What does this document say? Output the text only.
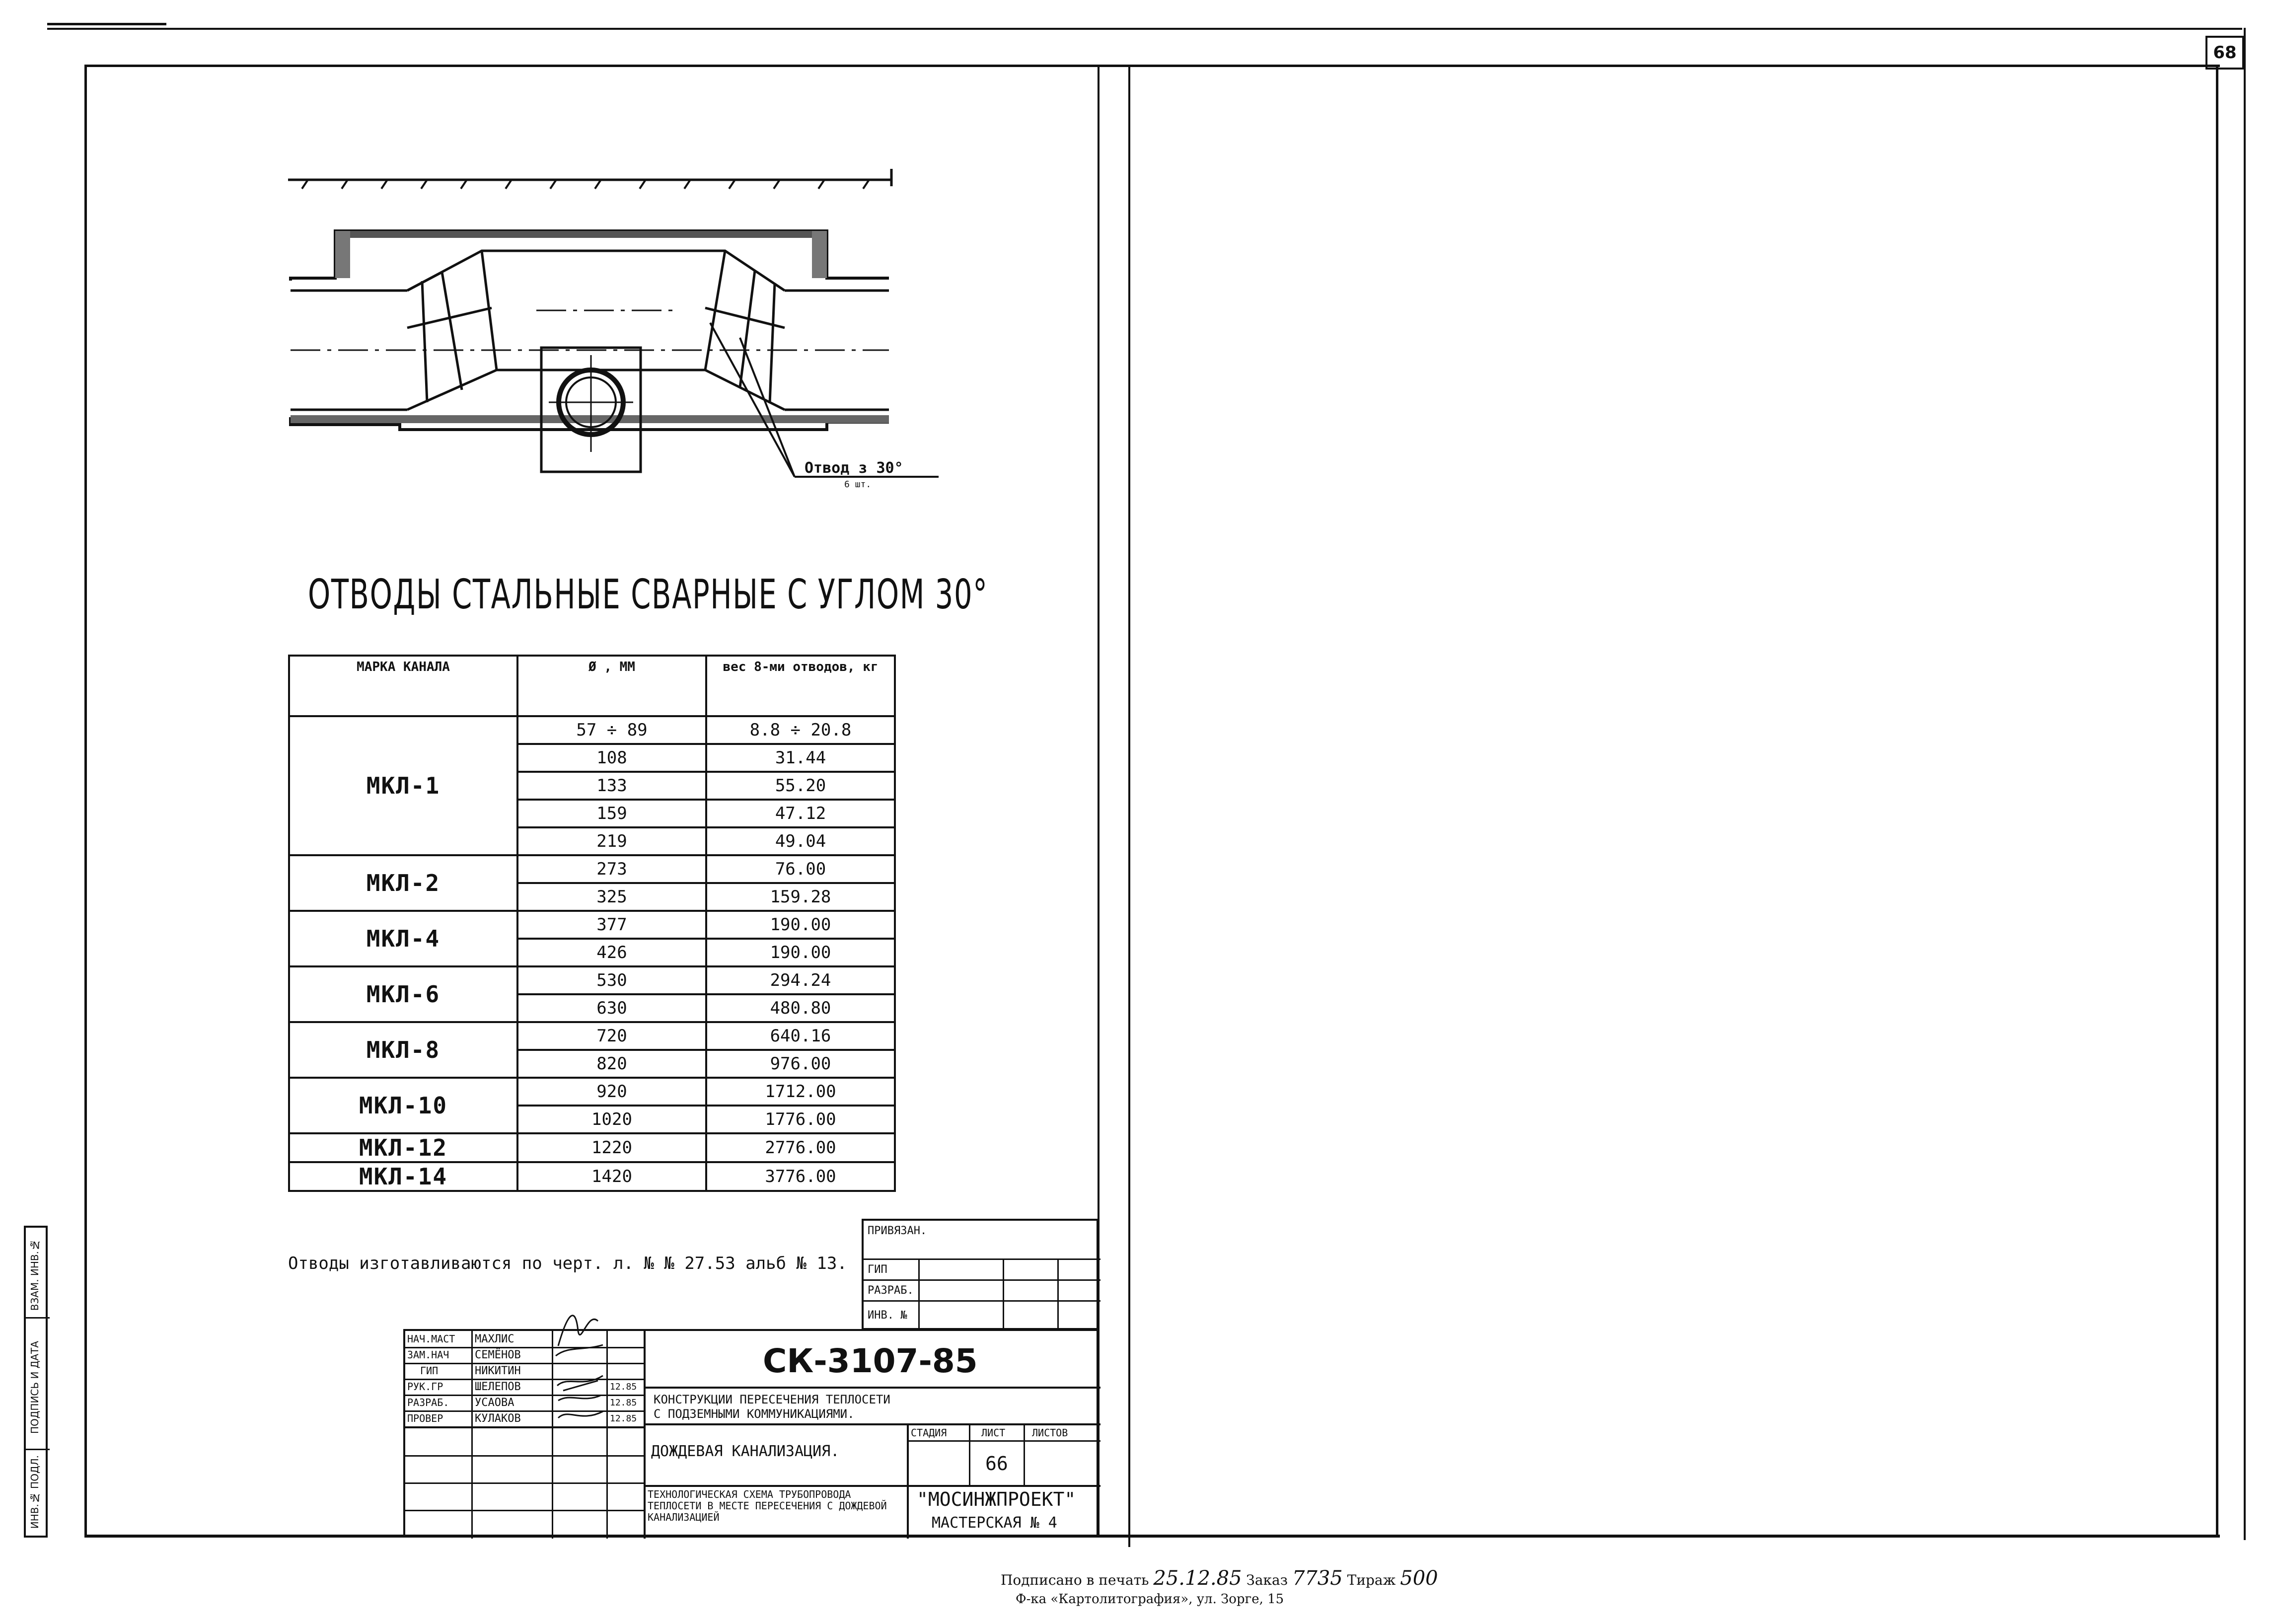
68
Отвод з 30°
6 шт.
ОТВОДЫ СТАЛЬНЫЕ СВАРНЫЕ С УГЛОМ 30°
МАРКА КАНАЛА	Ø , ММ	вес 8-ми отводов, кг
МКЛ-1	57 ÷ 89	8.8 ÷ 20.8
	108	31.44
	133	55.20
	159	47.12
	219	49.04
МКЛ-2	273	76.00
	325	159.28
МКЛ-4	377	190.00
	426	190.00
МКЛ-6	530	294.24
	630	480.80
МКЛ-8	720	640.16
	820	976.00
МКЛ-10	920	1712.00
	1020	1776.00
МКЛ-12	1220	2776.00
МКЛ-14	1420	3776.00
Отводы изготавливаются по черт. л. № № 27.53 альб № 13.
ПРИВЯЗАН.
ГИП
РАЗРАБ.
ИНВ. №
НАЧ.МАСТ МАХЛИС
ЗАМ.НАЧ СЕМЁНОВ
ГИП	НИКИТИН
РУК.ГР	ШЕЛЕПОВ	12.85
РАЗРАБ. УСАОВА	12.85
ПРОВЕР	КУЛАКОВ	12.85
СК-3107-85
КОНСТРУКЦИИ ПЕРЕСЕЧЕНИЯ ТЕПЛОСЕТИ С ПОДЗЕМНЫМИ КОММУНИКАЦИЯМИ.
ДОЖДЕВАЯ КАНАЛИЗАЦИЯ.
СТАДИЯ	ЛИСТ	ЛИСТОВ
66
ТЕХНОЛОГИЧЕСКАЯ СХЕМА ТРУБОПРОВОДА ТЕПЛОСЕТИ В МЕСТЕ ПЕРЕСЕЧЕНИЯ С ДОЖДЕВОЙ КАНАЛИЗАЦИЕЙ
"МОСИНЖПРОЕКТ"
МАСТЕРСКАЯ № 4
ИНВ.№ ПОДЛ.
ПОДПИСЬ И ДАТА
ВЗАМ. ИНВ.№
Подписано в печать 25.12.85 Заказ 7735 Тираж 500
Ф-ка «Картолитография», ул. Зорге, 15
